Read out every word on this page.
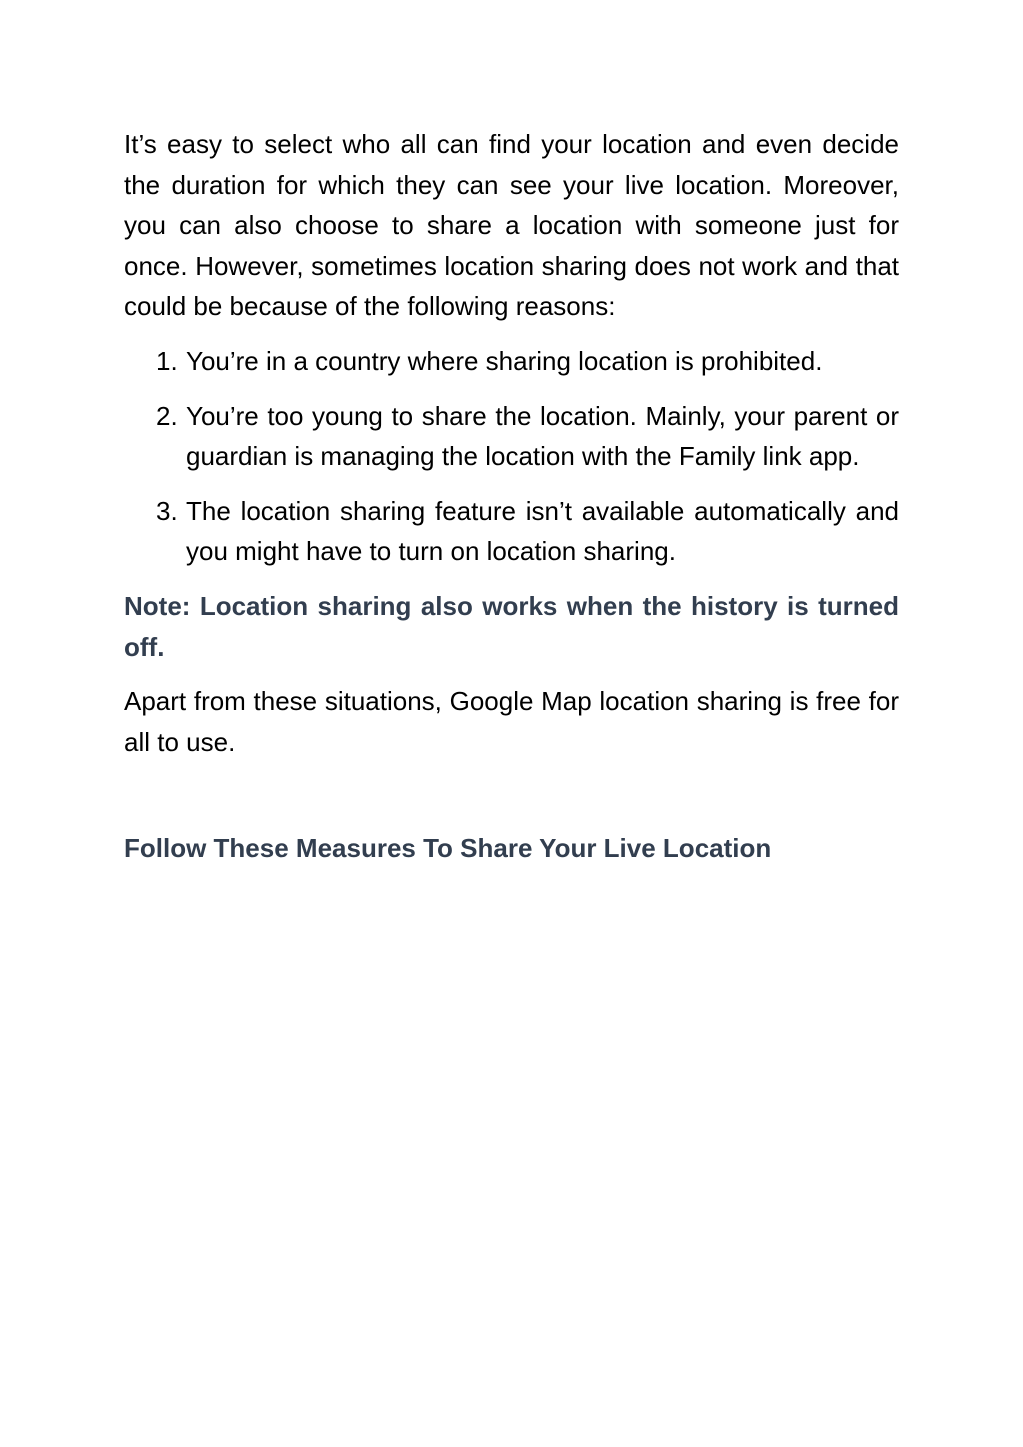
It’s easy to select who all can find your location and even decide the duration for which they can see your live location. Moreover, you can also choose to share a location with someone just for once. However, sometimes location sharing does not work and that could be because of the following reasons:

1. You’re in a country where sharing location is prohibited.
2. You’re too young to share the location. Mainly, your parent or guardian is managing the location with the Family link app.
3. The location sharing feature isn’t available automatically and you might have to turn on location sharing.

Note: Location sharing also works when the history is turned off.

Apart from these situations, Google Map location sharing is free for all to use.

Follow These Measures To Share Your Live Location
